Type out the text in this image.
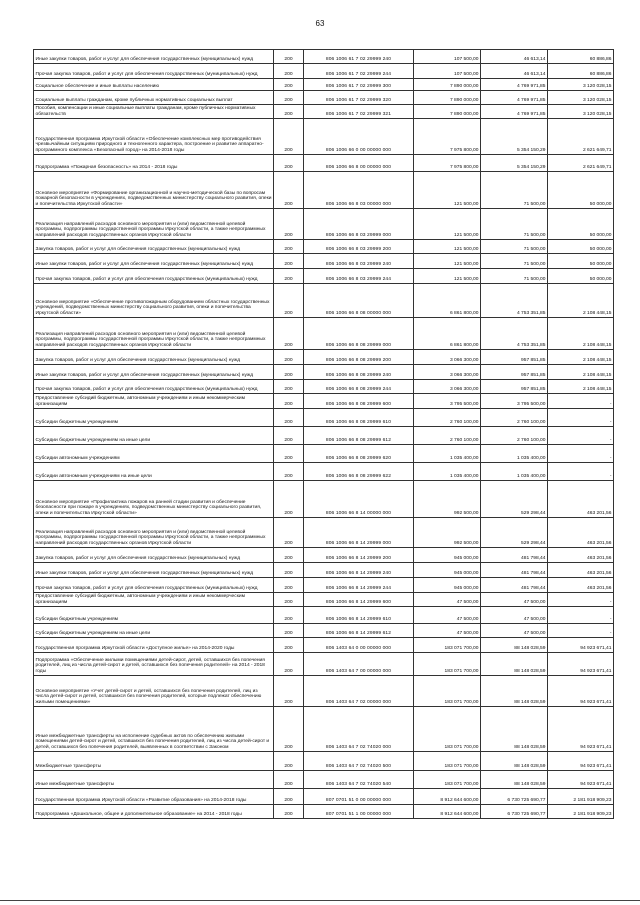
63
Иные закупки товаров, работ и услуг для обеспечения государственных (муниципальных) нужд	200	806 1006 61 7 02 29999 240	107 500,00	46 613,14	60 886,86
Прочая закупка товаров, работ и услуг для обеспечения государственных (муниципальных) нужд	200	806 1006 61 7 02 29999 244	107 500,00	46 613,14	60 886,86
Социальное обеспечение и иные выплаты населению	200	806 1006 61 7 02 29999 300	7 890 000,00	4 769 971,85	3 120 028,15
Социальные выплаты гражданам, кроме публичных нормативных социальных выплат	200	806 1006 61 7 02 29999 320	7 890 000,00	4 769 971,85	3 120 028,15
Пособия, компенсации и иные социальные выплаты гражданам, кроме публичных нормативных обязательств	200	806 1006 61 7 02 29999 321	7 890 000,00	4 769 971,85	3 120 028,15
Государственная программа Иркутской области «Обеспечение комплексных мер противодействия чрезвычайным ситуациям природного и техногенного характера, построение и развитие аппаратно-программного комплекса «Безопасный город» на 2014-2018 годы	200	806 1006 66 0 00 00000 000	7 975 800,00	5 354 150,29	2 621 649,71
Подпрограмма «Пожарная безопасность» на 2014 - 2018 годы	200	806 1006 66 8 00 00000 000	7 975 800,00	5 354 150,29	2 621 649,71
Основное мероприятие «Формирование организационной и научно-методической базы по вопросам пожарной безопасности в учреждениях, подведомственных министерству социального развития, опеки и попечительства Иркутской области»	200	806 1006 66 8 03 00000 000	121 500,00	71 500,00	50 000,00
Реализация направлений расходов основного мероприятия и (или) ведомственной целевой программы, подпрограммы государственной программы Иркутской области, а также непрограммных направлений расходов государственных органов Иркутской области	200	806 1006 66 8 03 29999 000	121 500,00	71 500,00	50 000,00
Закупка товаров, работ и услуг для обеспечения государственных (муниципальных) нужд	200	806 1006 66 8 03 29999 200	121 500,00	71 500,00	50 000,00
Иные закупки товаров, работ и услуг для обеспечения государственных (муниципальных) нужд	200	806 1006 66 8 03 29999 240	121 500,00	71 500,00	50 000,00
Прочая закупка товаров, работ и услуг для обеспечения государственных (муниципальных) нужд	200	806 1006 66 8 03 29999 244	121 500,00	71 500,00	50 000,00
Основное мероприятие «Обеспечение противопожарным оборудованием областных государственных учреждений, подведомственных министерству социального развития, опеки и попечительства Иркутской области»	200	806 1006 66 8 08 00000 000	6 861 800,00	4 753 351,85	2 108 448,15
Реализация направлений расходов основного мероприятия и (или) ведомственной целевой программы, подпрограммы государственной программы Иркутской области, а также непрограммных направлений расходов государственных органов Иркутской области	200	806 1006 66 8 08 29999 000	6 861 800,00	4 753 351,85	2 108 448,15
Закупка товаров, работ и услуг для обеспечения государственных (муниципальных) нужд	200	806 1006 66 8 08 29999 200	3 066 300,00	957 851,85	2 108 448,15
Иные закупки товаров, работ и услуг для обеспечения государственных (муниципальных) нужд	200	806 1006 66 8 08 29999 240	3 066 300,00	957 851,85	2 108 448,15
Прочая закупка товаров, работ и услуг для обеспечения государственных (муниципальных) нужд	200	806 1006 66 8 08 29999 244	3 066 300,00	957 851,85	2 108 448,15
Предоставление субсидий бюджетным, автономным учреждениям и иным некоммерческим организациям	200	806 1006 66 8 08 29999 600	3 795 500,00	3 795 500,00	-
Субсидии бюджетным учреждениям	200	806 1006 66 8 08 29999 610	2 760 100,00	2 760 100,00	-
Субсидии бюджетным учреждениям на иные цели	200	806 1006 66 8 08 29999 612	2 760 100,00	2 760 100,00	-
Субсидии автономным учреждениям	200	806 1006 66 8 08 29999 620	1 035 400,00	1 035 400,00	-
Субсидии автономным учреждениям на иные цели	200	806 1006 66 8 08 29999 622	1 035 400,00	1 035 400,00	-
Основное мероприятие «Профилактика пожаров на ранней стадии развития и обеспечение безопасности при пожаре в учреждениях, подведомственных министерству социального развития, опеки и попечительства Иркутской области»	200	806 1006 66 8 14 00000 000	992 500,00	529 298,44	463 201,56
Реализация направлений расходов основного мероприятия и (или) ведомственной целевой программы, подпрограммы государственной программы Иркутской области, а также непрограммных направлений расходов государственных органов Иркутской области	200	806 1006 66 8 14 29999 000	992 500,00	529 298,44	463 201,56
Закупка товаров, работ и услуг для обеспечения государственных (муниципальных) нужд	200	806 1006 66 8 14 29999 200	945 000,00	481 798,44	463 201,56
Иные закупки товаров, работ и услуг для обеспечения государственных (муниципальных) нужд	200	806 1006 66 8 14 29999 240	945 000,00	481 798,44	463 201,56
Прочая закупка товаров, работ и услуг для обеспечения государственных (муниципальных) нужд	200	806 1006 66 8 14 29999 244	945 000,00	481 798,44	463 201,56
Предоставление субсидий бюджетным, автономным учреждениям и иным некоммерческим организациям	200	806 1006 66 8 14 29999 600	47 500,00	47 500,00	-
Субсидии бюджетным учреждениям	200	806 1006 66 8 14 29999 610	47 500,00	47 500,00	-
Субсидии бюджетным учреждениям на иные цели	200	806 1006 66 8 14 29999 612	47 500,00	47 500,00	-
Государственная программа Иркутской области «Доступное жилье» на 2014-2020 годы	200	806 1403 64 0 00 00000 000	183 071 700,00	88 148 028,59	94 923 671,41
Подпрограмма «Обеспечение жилыми помещениями детей-сирот, детей, оставшихся без попечения родителей, лиц из числа детей-сирот и детей, оставшихся без попечения родителей» на 2014 - 2018 годы	200	806 1403 64 7 00 00000 000	183 071 700,00	88 148 028,59	94 923 671,41
Основное мероприятие «Учет детей-сирот и детей, оставшихся без попечения родителей, лиц из числа детей-сирот и детей, оставшихся без попечения родителей, которые подлежат обеспечению жилыми помещениями»	200	806 1403 64 7 02 00000 000	183 071 700,00	88 148 028,59	94 923 671,41
Иные межбюджетные трансферты на исполнение судебных актов по обеспечению жилыми помещениями детей-сирот и детей, оставшихся без попечения родителей, лиц из числа детей-сирот и детей, оставшихся без попечения родителей, выявленных в соответствии с Законом	200	806 1403 64 7 02 74020 000	183 071 700,00	88 148 028,59	94 923 671,41
Межбюджетные трансферты	200	806 1403 64 7 02 74020 500	183 071 700,00	88 148 028,59	94 923 671,41
Иные межбюджетные трансферты	200	806 1403 64 7 02 74020 540	183 071 700,00	88 148 028,59	94 923 671,41
Государственная программа Иркутской области «Развитие образования» на 2014-2018 годы	200	807 0701 51 0 00 00000 000	8 912 644 600,00	6 730 725 690,77	2 181 918 909,23
Подпрограмма «Дошкольное, общее и дополнительное образование» на 2014 - 2018 годы	200	807 0701 51 1 00 00000 000	8 912 644 600,00	6 730 725 690,77	2 181 918 909,23
